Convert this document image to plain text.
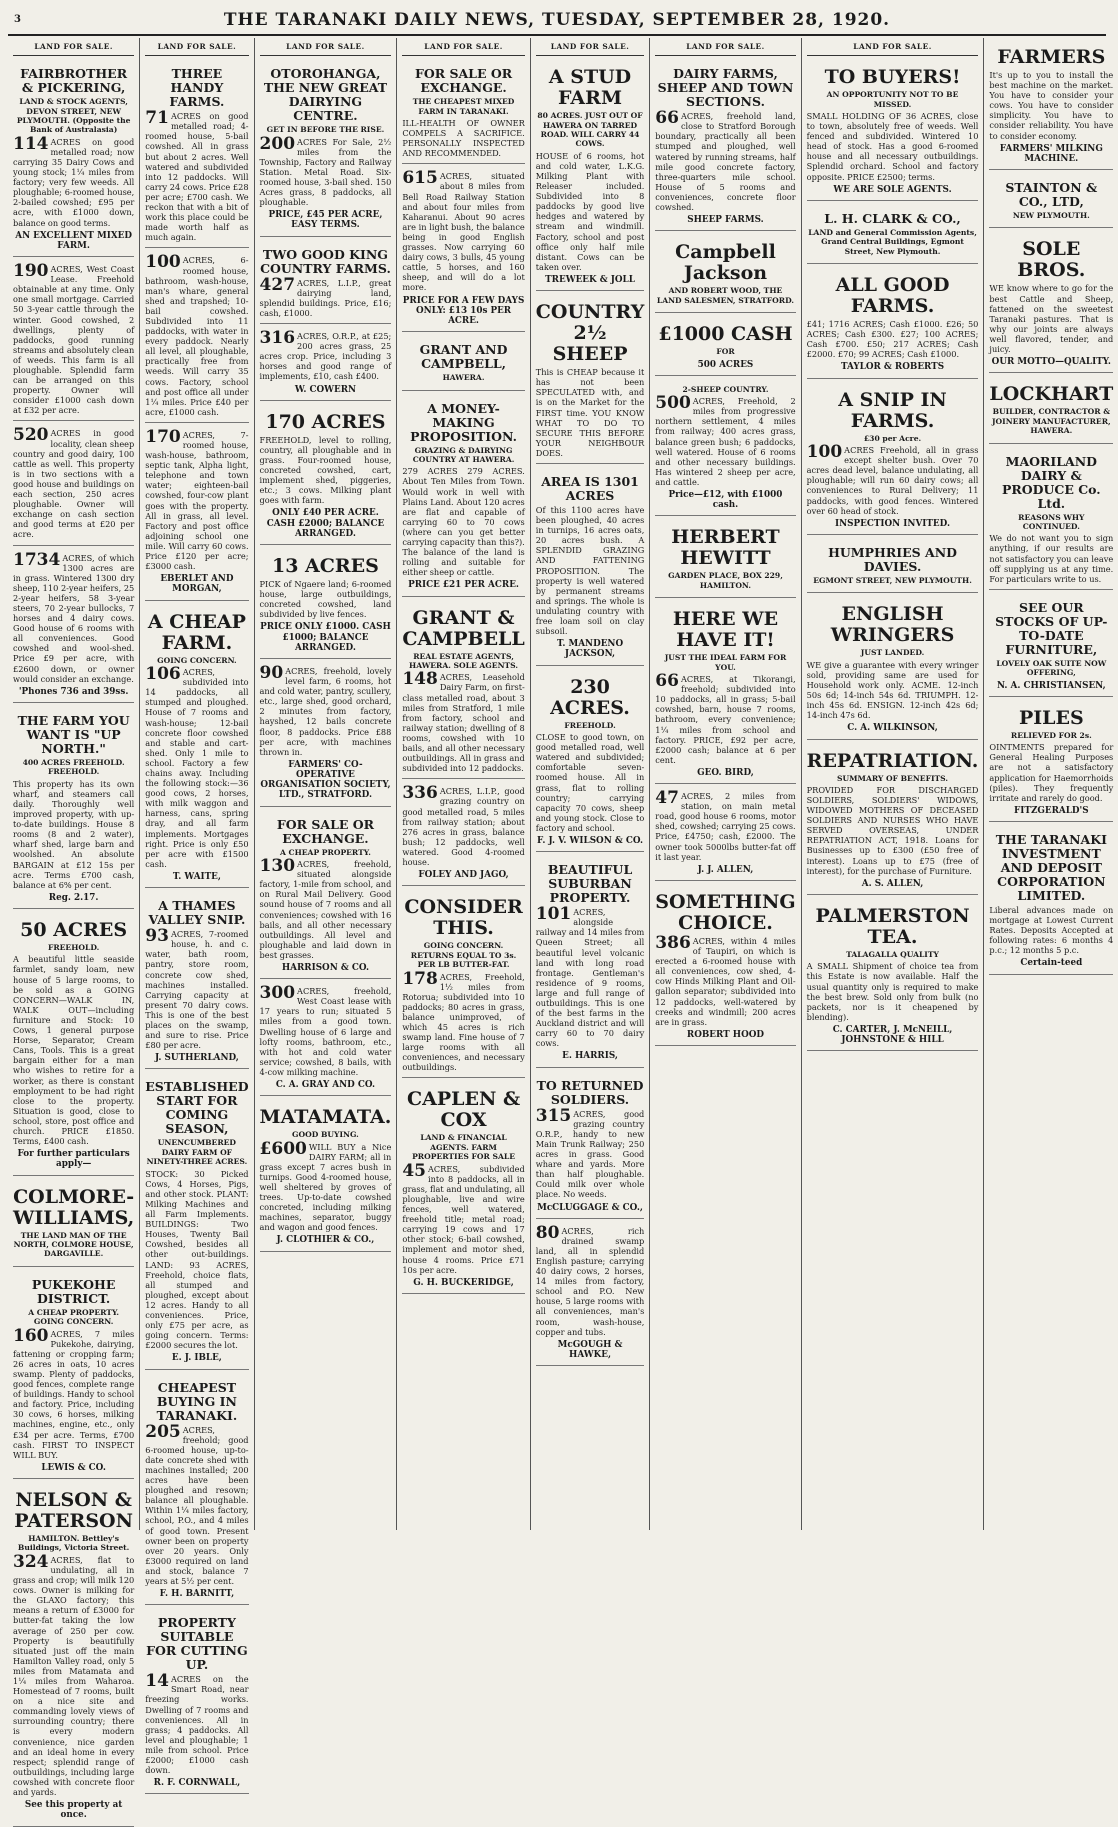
3	THE TARANAKI DAILY NEWS, TUESDAY, SEPTEMBER 28, 1920.
LAND FOR SALE.
FAIRBROTHER & PICKERING,
LAND & STOCK AGENTS, DEVON STREET, NEW PLYMOUTH. (Opposite the Bank of Australasia)
114 ACRES on good metalled road; now carrying 35 Dairy Cows and young stock; 1¼ miles from factory; very few weeds. All ploughable; 6-roomed house, 2-bailed cowshed; £95 per acre, with £1000 down, balance on good terms.
AN EXCELLENT MIXED FARM.
190 ACRES, West Coast Lease. Freehold obtainable at any time. Only one small mortgage. Carried 50 3-year cattle through the winter. Good cowshed, 2 dwellings, plenty of paddocks, good running streams and absolutely clean of weeds. This farm is all ploughable. Splendid farm can be arranged on this property. Owner will consider £1000 cash down at £32 per acre.
520 ACRES in good locality, clean sheep country and good dairy, 100 cattle as well. This property is in two sections with a good house and buildings on each section, 250 acres ploughable. Owner will exchange on cash section and good terms at £20 per acre.
1734 ACRES, of which 1300 acres are in grass. Wintered 1300 dry sheep, 110 2-year heifers, 25 2-year heifers, 58 3-year steers, 70 2-year bullocks, 7 horses and 4 dairy cows. Good house of 6 rooms with all conveniences. Good cowshed and wool-shed. Price £9 per acre, with £2600 down, or owner would consider an exchange.
'Phones 736 and 39ss.
THE FARM YOU WANT IS "UP NORTH."
400 ACRES FREEHOLD. FREEHOLD.
This property has its own wharf, and steamers call daily. Thoroughly well improved property, with up-to-date buildings. House 8 rooms (8 and 2 water), wharf shed, large barn and woolshed. An absolute BARGAIN at £12 15s per acre. Terms £700 cash, balance at 6% per cent.
Reg. 2.17.
50 ACRES
FREEHOLD.
A beautiful little seaside farmlet, sandy loam, new house of 5 large rooms, to be sold as a GOING CONCERN—WALK IN, WALK OUT—including furniture and Stock: 10 Cows, 1 general purpose Horse, Separator, Cream Cans, Tools. This is a great bargain either for a man who wishes to retire for a worker, as there is constant employment to be had right close to the property. Situation is good, close to school, store, post office and church. PRICE £1850. Terms, £400 cash.
For further particulars apply—
COLMORE-WILLIAMS,
THE LAND MAN OF THE NORTH, COLMORE HOUSE, DARGAVILLE.
PUKEKOHE DISTRICT.
A CHEAP PROPERTY. GOING CONCERN.
160 ACRES, 7 miles Pukekohe, dairying, fattening or cropping farm; 26 acres in oats, 10 acres swamp. Plenty of paddocks, good fences, complete range of buildings. Handy to school and factory. Price, including 30 cows, 6 horses, milking machines, engine, etc., only £34 per acre. Terms, £700 cash. FIRST TO INSPECT WILL BUY.
LEWIS & CO.
NELSON & PATERSON
HAMILTON. Bettley's Buildings, Victoria Street.
324 ACRES, flat to undulating, all in grass and crop; will milk 120 cows. Owner is milking for the GLAXO factory; this means a return of £3000 for butter-fat taking the low average of 250 per cow. Property is beautifully situated just off the main Hamilton Valley road, only 5 miles from Matamata and 1¼ miles from Waharoa. Homestead of 7 rooms, built on a nice site and commanding lovely views of surrounding country; there is every modern convenience, nice garden and an ideal home in every respect; splendid range of outbuildings, including large cowshed with concrete floor and yards.
See this property at once.
LAND FOR SALE.
THREE HANDY FARMS.
71 ACRES on good metalled road; 4-roomed house, 5-bail cowshed. All in grass but about 2 acres. Well watered and subdivided into 12 paddocks. Will carry 24 cows. Price £28 per acre; £700 cash. We reckon that with a bit of work this place could be made worth half as much again.
100 ACRES, 6-roomed house, bathroom, wash-house, man's whare, general shed and trapshed; 10-bail cowshed. Subdivided into 11 paddocks, with water in every paddock. Nearly all level, all ploughable, practically free from weeds. Will carry 35 cows. Factory, school and post office all under 1¼ miles. Price £40 per acre, £1000 cash.
170 ACRES, 7-roomed house, wash-house, bathroom, septic tank, Alpha light, telephone and town water; eighteen-bail cowshed, four-cow plant goes with the property. All in grass, all level. Factory and post office adjoining school one mile. Will carry 60 cows. Price £120 per acre; £3000 cash.
EBERLET AND MORGAN,
A CHEAP FARM.
GOING CONCERN.
106 ACRES, subdivided into 14 paddocks, all stumped and ploughed. House of 7 rooms and wash-house; 12-bail concrete floor cowshed and stable and cart-shed. Only 1 mile to school. Factory a few chains away. Including the following stock:—36 good cows, 2 horses, with milk waggon and harness, cans, spring dray, and all farm implements. Mortgages right. Price is only £50 per acre with £1500 cash.
T. WAITE,
A THAMES VALLEY SNIP.
93 ACRES, 7-roomed house, h. and c. water, bath room, pantry, store room, concrete cow shed, machines installed. Carrying capacity at present 70 dairy cows. This is one of the best places on the swamp, and sure to rise. Price £80 per acre.
J. SUTHERLAND,
ESTABLISHED START FOR COMING SEASON,
UNENCUMBERED DAIRY FARM OF NINETY-THREE ACRES.
STOCK: 30 Picked Cows, 4 Horses, Pigs, and other stock. PLANT: Milking Machines and all Farm Implements. BUILDINGS: Two Houses, Twenty Bail Cowshed, besides all other out-buildings. LAND: 93 ACRES, Freehold, choice flats, all stumped and ploughed, except about 12 acres. Handy to all conveniences. Price, only £75 per acre, as going concern. Terms: £2000 secures the lot.
E. J. IBLE,
CHEAPEST BUYING IN TARANAKI.
205 ACRES, freehold; good 6-roomed house, up-to-date concrete shed with machines installed; 200 acres have been ploughed and resown; balance all ploughable. Within 1¼ miles factory, school, P.O., and 4 miles of good town. Present owner been on property over 20 years. Only £3000 required on land and stock, balance 7 years at 5½ per cent.
F. H. BARNITT,
PROPERTY SUITABLE FOR CUTTING UP.
14 ACRES on the Smart Road, near freezing works. Dwelling of 7 rooms and conveniences. All in grass; 4 paddocks. All level and ploughable; 1 mile from school. Price £2000; £1000 cash down.
R. F. CORNWALL,
LAND FOR SALE.
OTOROHANGA, THE NEW GREAT DAIRYING CENTRE.
GET IN BEFORE THE RISE.
200 ACRES For Sale, 2½ miles from the Township, Factory and Railway Station. Metal Road. Six-roomed house, 3-bail shed. 150 Acres grass, 8 paddocks, all ploughable.
PRICE, £45 PER ACRE, EASY TERMS.
TWO GOOD KING COUNTRY FARMS.
427 ACRES, L.I.P., great dairying land, splendid buildings. Price, £16; cash, £1000.
316 ACRES, O.R.P., at £25; 200 acres grass, 25 acres crop. Price, including 3 horses and good range of implements, £10, cash £400.
W. COWERN
170 ACRES
FREEHOLD, level to rolling, country, all ploughable and in grass. Four-roomed house, concreted cowshed, cart, implement shed, piggeries, etc.; 3 cows. Milking plant goes with farm.
ONLY £40 PER ACRE. CASH £2000; BALANCE ARRANGED.
13 ACRES
PICK of Ngaere land; 6-roomed house, large outbuildings, concreted cowshed, land subdivided by live fences.
PRICE ONLY £1000. CASH £1000; BALANCE ARRANGED.
90 ACRES, freehold, lovely level farm, 6 rooms, hot and cold water, pantry, scullery, etc., large shed, good orchard, 2 minutes from factory, hayshed, 12 bails concrete floor, 8 paddocks. Price £88 per acre, with machines thrown in.
FARMERS' CO-OPERATIVE ORGANISATION SOCIETY, LTD., STRATFORD.
FOR SALE OR EXCHANGE.
A CHEAP PROPERTY.
130 ACRES, freehold, situated alongside factory, 1-mile from school, and on Rural Mail Delivery. Good sound house of 7 rooms and all conveniences; cowshed with 16 bails, and all other necessary outbuildings. All level and ploughable and laid down in best grasses.
HARRISON & CO.
300 ACRES, freehold, West Coast lease with 17 years to run; situated 5 miles from a good town. Dwelling house of 6 large and lofty rooms, bathroom, etc., with hot and cold water service; cowshed, 8 bails, with 4-cow milking machine.
C. A. GRAY AND CO.
MATAMATA.
GOOD BUYING.
£600 WILL BUY a Nice DAIRY FARM; all in grass except 7 acres bush in turnips. Good 4-roomed house, well sheltered by groves of trees. Up-to-date cowshed concreted, including milking machines, separator, buggy and wagon and good fences.
J. CLOTHIER & CO.,
LAND FOR SALE.
FOR SALE OR EXCHANGE.
THE CHEAPEST MIXED FARM IN TARANAKI.
ILL-HEALTH OF OWNER COMPELS A SACRIFICE. PERSONALLY INSPECTED AND RECOMMENDED.
615 ACRES, situated about 8 miles from Bell Road Railway Station and about four miles from Kaharanui. About 90 acres are in light bush, the balance being in good English grasses. Now carrying 60 dairy cows, 3 bulls, 45 young cattle, 5 horses, and 160 sheep, and will do a lot more.
PRICE FOR A FEW DAYS ONLY: £13 10s PER ACRE.
GRANT AND CAMPBELL,
HAWERA.
A MONEY-MAKING PROPOSITION.
GRAZING & DAIRYING COUNTRY AT HAWERA.
279 ACRES 279 ACRES. About Ten Miles from Town. Would work in well with Plains Land. About 120 acres are flat and capable of carrying 60 to 70 cows (where can you get better carrying capacity than this?). The balance of the land is rolling and suitable for either sheep or cattle.
PRICE £21 PER ACRE.
GRANT & CAMPBELL
REAL ESTATE AGENTS, HAWERA. SOLE AGENTS.
148 ACRES, Leasehold Dairy Farm, on first-class metalled road, about 3 miles from Stratford, 1 mile from factory, school and railway station; dwelling of 8 rooms, cowshed with 10 bails, and all other necessary outbuildings. All in grass and subdivided into 12 paddocks.
336 ACRES, L.I.P., good grazing country on good metalled road, 5 miles from railway station; about 276 acres in grass, balance bush; 12 paddocks, well watered. Good 4-roomed house.
FOLEY AND JAGO,
CONSIDER THIS.
GOING CONCERN. RETURNS EQUAL TO 3s. PER LB BUTTER-FAT.
178 ACRES, Freehold, 1½ miles from Rotorua; subdivided into 10 paddocks; 80 acres in grass, balance unimproved, of which 45 acres is rich swamp land. Fine house of 7 large rooms with all conveniences, and necessary outbuildings.
CAPLEN & COX
LAND & FINANCIAL AGENTS. FARM PROPERTIES FOR SALE
45 ACRES, subdivided into 8 paddocks, all in grass, flat and undulating, all ploughable, live and wire fences, well watered, freehold title; metal road; carrying 19 cows and 17 other stock; 6-bail cowshed, implement and motor shed, house 4 rooms. Price £71 10s per acre.
G. H. BUCKERIDGE,
LAND FOR SALE.
A STUD FARM
80 ACRES. JUST OUT OF HAWERA ON TARRED ROAD. WILL CARRY 44 COWS.
HOUSE of 6 rooms, hot and cold water, L.K.G. Milking Plant with Releaser included. Subdivided into 8 paddocks by good live hedges and watered by stream and windmill. Factory, school and post office only half mile distant. Cows can be taken over.
TREWEEK & JOLL
COUNTRY 2½ SHEEP
This is CHEAP because it has not been SPECULATED with, and is on the Market for the FIRST time. YOU KNOW WHAT TO DO TO SECURE THIS BEFORE YOUR NEIGHBOUR DOES.
AREA IS 1301 ACRES
Of this 1100 acres have been ploughed, 40 acres in turnips, 16 acres oats, 20 acres bush. A SPLENDID GRAZING AND FATTENING PROPOSITION. The property is well watered by permanent streams and springs. The whole is undulating country with free loam soil on clay subsoil.
T. MANDENO JACKSON,
230 ACRES.
FREEHOLD.
CLOSE to good town, on good metalled road, well watered and subdivided; comfortable seven-roomed house. All in grass, flat to rolling country; carrying capacity 70 cows, sheep and young stock. Close to factory and school.
F. J. V. WILSON & CO.
BEAUTIFUL SUBURBAN PROPERTY.
101 ACRES, alongside railway and 14 miles from Queen Street; all beautiful level volcanic land with long road frontage. Gentleman's residence of 9 rooms, large and full range of outbuildings. This is one of the best farms in the Auckland district and will carry 60 to 70 dairy cows.
E. HARRIS,
TO RETURNED SOLDIERS.
315 ACRES, good grazing country O.R.P., handy to new Main Trunk Railway; 250 acres in grass. Good whare and yards. More than half ploughable. Could milk over whole place. No weeds.
McCLUGGAGE & CO.,
80 ACRES, rich drained swamp land, all in splendid English pasture; carrying 40 dairy cows, 2 horses, 14 miles from factory, school and P.O. New house, 5 large rooms with all conveniences, man's room, wash-house, copper and tubs.
McGOUGH & HAWKE,
LAND FOR SALE.
DAIRY FARMS, SHEEP AND TOWN SECTIONS.
66 ACRES, freehold land, close to Stratford Borough boundary, practically all been stumped and ploughed, well watered by running streams, half mile good concrete factory, three-quarters mile school. House of 5 rooms and conveniences, concrete floor cowshed.
SHEEP FARMS.
Campbell Jackson
AND ROBERT WOOD, THE LAND SALESMEN, STRATFORD.
£1000 CASH
FOR
500 ACRES
2-SHEEP COUNTRY.
500 ACRES, Freehold, 2 miles from progressive northern settlement, 4 miles from railway; 400 acres grass, balance green bush; 6 paddocks, well watered. House of 6 rooms and other necessary buildings. Has wintered 2 sheep per acre, and cattle.
Price—£12, with £1000 cash.
HERBERT HEWITT
GARDEN PLACE, BOX 229, HAMILTON.
HERE WE HAVE IT!
JUST THE IDEAL FARM FOR YOU.
66 ACRES, at Tikorangi, freehold; subdivided into 10 paddocks, all in grass; 5-bail cowshed, barn, house 7 rooms, bathroom, every convenience; 1¼ miles from school and factory. PRICE, £92 per acre, £2000 cash; balance at 6 per cent.
GEO. BIRD,
47 ACRES, 2 miles from station, on main metal road, good house 6 rooms, motor shed, cowshed; carrying 25 cows. Price, £4750; cash, £2000. The owner took 5000lbs butter-fat off it last year.
J. J. ALLEN,
SOMETHING CHOICE.
386 ACRES, within 4 miles of Taupiri, on which is erected a 6-roomed house with all conveniences, cow shed, 4-cow Hinds Milking Plant and Oil-gallon separator; subdivided into 12 paddocks, well-watered by creeks and windmill; 200 acres are in grass.
ROBERT HOOD
LAND FOR SALE.
TO BUYERS!
AN OPPORTUNITY NOT TO BE MISSED.
SMALL HOLDING OF 36 ACRES, close to town, absolutely free of weeds. Well fenced and subdivided. Wintered 10 head of stock. Has a good 6-roomed house and all necessary outbuildings. Splendid orchard. School and factory opposite. PRICE £2500; terms.
WE ARE SOLE AGENTS.
L. H. CLARK & CO.,
LAND and General Commission Agents, Grand Central Buildings, Egmont Street, New Plymouth.
ALL GOOD FARMS.
£41; 1716 ACRES; Cash £1000. £26; 50 ACRES; Cash £300. £27; 100 ACRES; Cash £700. £50; 217 ACRES; Cash £2000. £70; 99 ACRES; Cash £1000.
TAYLOR & ROBERTS
A SNIP IN FARMS.
£30 per Acre.
100 ACRES Freehold, all in grass except shelter bush. Over 70 acres dead level, balance undulating, all ploughable; will run 60 dairy cows; all conveniences to Rural Delivery; 11 paddocks, with good fences. Wintered over 60 head of stock.
INSPECTION INVITED.
HUMPHRIES AND DAVIES.
EGMONT STREET, NEW PLYMOUTH.
ENGLISH WRINGERS
JUST LANDED.
WE give a guarantee with every wringer sold, providing same are used for Household work only. ACME. 12-inch 50s 6d; 14-inch 54s 6d. TRIUMPH. 12-inch 45s 6d. ENSIGN. 12-inch 42s 6d; 14-inch 47s 6d.
C. A. WILKINSON,
REPATRIATION.
SUMMARY OF BENEFITS.
PROVIDED FOR DISCHARGED SOLDIERS, SOLDIERS' WIDOWS, WIDOWED MOTHERS OF DECEASED SOLDIERS AND NURSES WHO HAVE SERVED OVERSEAS, UNDER REPATRIATION ACT, 1918. Loans for Businesses up to £300 (£50 free of interest). Loans up to £75 (free of interest), for the purchase of Furniture.
A. S. ALLEN,
PALMERSTON TEA.
TALAGALLA QUALITY
A SMALL Shipment of choice tea from this Estate is now available. Half the usual quantity only is required to make the best brew. Sold only from bulk (no packets, nor is it cheapened by blending).
C. CARTER, J. McNEILL, JOHNSTONE & HILL
FARMERS
It's up to you to install the best machine on the market. You have to consider your cows. You have to consider simplicity. You have to consider reliability. You have to consider economy.
FARMERS' MILKING MACHINE.
STAINTON & CO., LTD,
NEW PLYMOUTH.
SOLE BROS.
WE know where to go for the best Cattle and Sheep, fattened on the sweetest Taranaki pastures. That is why our joints are always well flavored, tender, and juicy.
OUR MOTTO—QUALITY.
LOCKHART
BUILDER, CONTRACTOR & JOINERY MANUFACTURER, HAWERA.
MAORILAND DAIRY & PRODUCE Co. Ltd.
REASONS WHY CONTINUED.
We do not want you to sign anything, if our results are not satisfactory you can leave off supplying us at any time. For particulars write to us.
SEE OUR STOCKS OF UP-TO-DATE FURNITURE,
LOVELY OAK SUITE NOW OFFERING,
N. A. CHRISTIANSEN,
PILES
RELIEVED FOR 2s.
OINTMENTS prepared for General Healing Purposes are not a satisfactory application for Haemorrhoids (piles). They frequently irritate and rarely do good.
FITZGERALD'S
THE TARANAKI INVESTMENT AND DEPOSIT CORPORATION LIMITED.
Liberal advances made on mortgage at Lowest Current Rates. Deposits Accepted at following rates: 6 months 4 p.c.; 12 months 5 p.c.
Certain-teed
